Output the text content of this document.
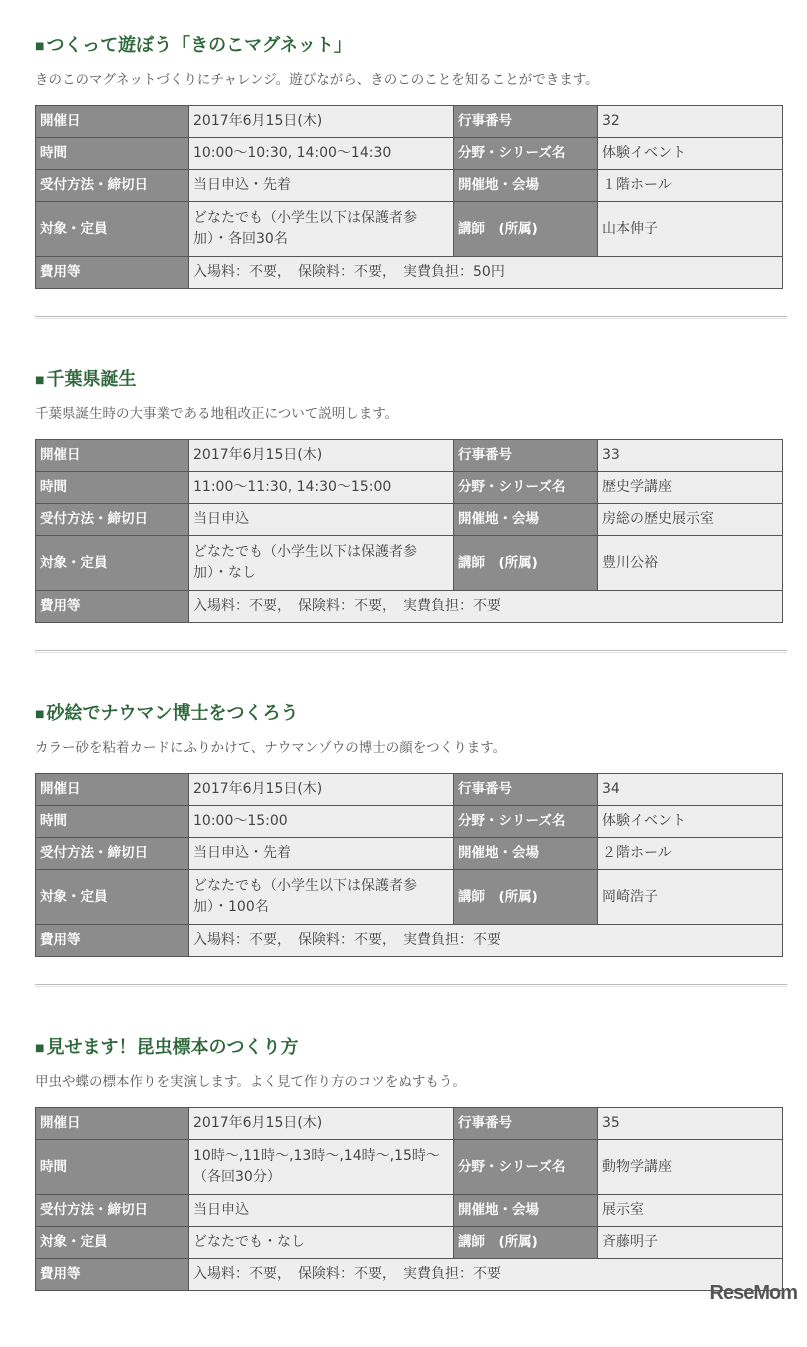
■ つくって遊ぼう「きのこマグネット」
きのこのマグネットづくりにチャレンジ。遊びながら、きのこのことを知ることができます。
開催日	2017年6月15日(木)	行事番号	32
時間	10:00～10:30, 14:00～14:30	分野・シリーズ名	体験イベント
受付方法・締切日	当日申込・先着	開催地・会場	１階ホール
対象・定員	どなたでも（小学生以下は保護者参加）・各回30名	講師　(所属)	山本伸子
費用等	入場料：不要，　保険料：不要，　実費負担：50円		
■ 千葉県誕生
千葉県誕生時の大事業である地租改正について説明します。
開催日	2017年6月15日(木)	行事番号	33
時間	11:00～11:30, 14:30～15:00	分野・シリーズ名	歴史学講座
受付方法・締切日	当日申込	開催地・会場	房総の歴史展示室
対象・定員	どなたでも（小学生以下は保護者参加）・なし	講師　(所属)	豊川公裕
費用等	入場料：不要，　保険料：不要，　実費負担：不要		
■ 砂絵でナウマン博士をつくろう
カラー砂を粘着カードにふりかけて、ナウマンゾウの博士の顔をつくります。
開催日	2017年6月15日(木)	行事番号	34
時間	10:00～15:00	分野・シリーズ名	体験イベント
受付方法・締切日	当日申込・先着	開催地・会場	２階ホール
対象・定員	どなたでも（小学生以下は保護者参加）・100名	講師　(所属)	岡崎浩子
費用等	入場料：不要，　保険料：不要，　実費負担：不要		
■ 見せます！昆虫標本のつくり方
甲虫や蝶の標本作りを実演します。よく見て作り方のコツをぬすもう。
開催日	2017年6月15日(木)	行事番号	35
時間	10時～,11時～,13時～,14時～,15時～（各回30分）	分野・シリーズ名	動物学講座
受付方法・締切日	当日申込	開催地・会場	展示室
対象・定員	どなたでも・なし	講師　(所属)	斉藤明子
費用等	入場料：不要，　保険料：不要，　実費負担：不要		
ReseMom
